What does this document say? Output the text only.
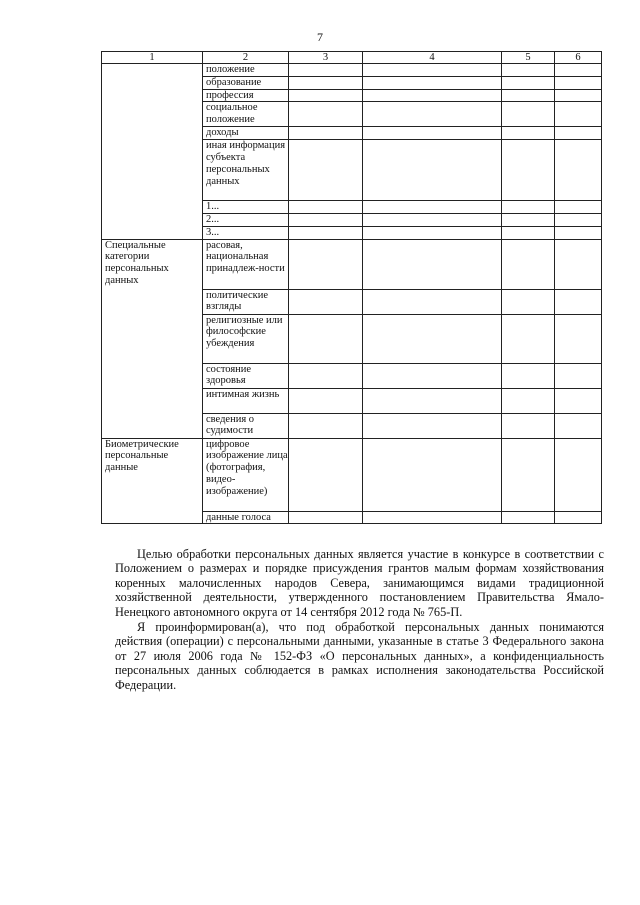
7
1	2	3	4	5	6
	положение				
	образование				
	профессия				
	социальное положение				
	доходы				
	иная информация субъекта персональных данных				
	1...				
	2...				
	3...				
Специальные категории персональных данных	расовая, национальная принадлеж-ности				
	политические взгляды				
	религиозные или философские убеждения				
	состояние здоровья				
	интимная жизнь				
	сведения о судимости				
Биометрические персональные данные	цифровое изображение лица (фотография, видео-изображение)				
	данные голоса				

Целью обработки персональных данных является участие в конкурсе в соответствии с Положением о размерах и порядке присуждения грантов малым формам хозяйствования коренных малочисленных народов Севера, занимающимся видами традиционной хозяйственной деятельности, утвержденного постановлением Правительства Ямало-Ненецкого автономного округа от 14 сентября 2012 года № 765-П.

Я проинформирован(а), что под обработкой персональных данных понимаются действия (операции) с персональными данными, указанные в статье 3 Федерального закона от 27 июля 2006 года № 152-ФЗ «О персональных данных», а конфиденциальность персональных данных соблюдается в рамках исполнения законодательства Российской Федерации.
